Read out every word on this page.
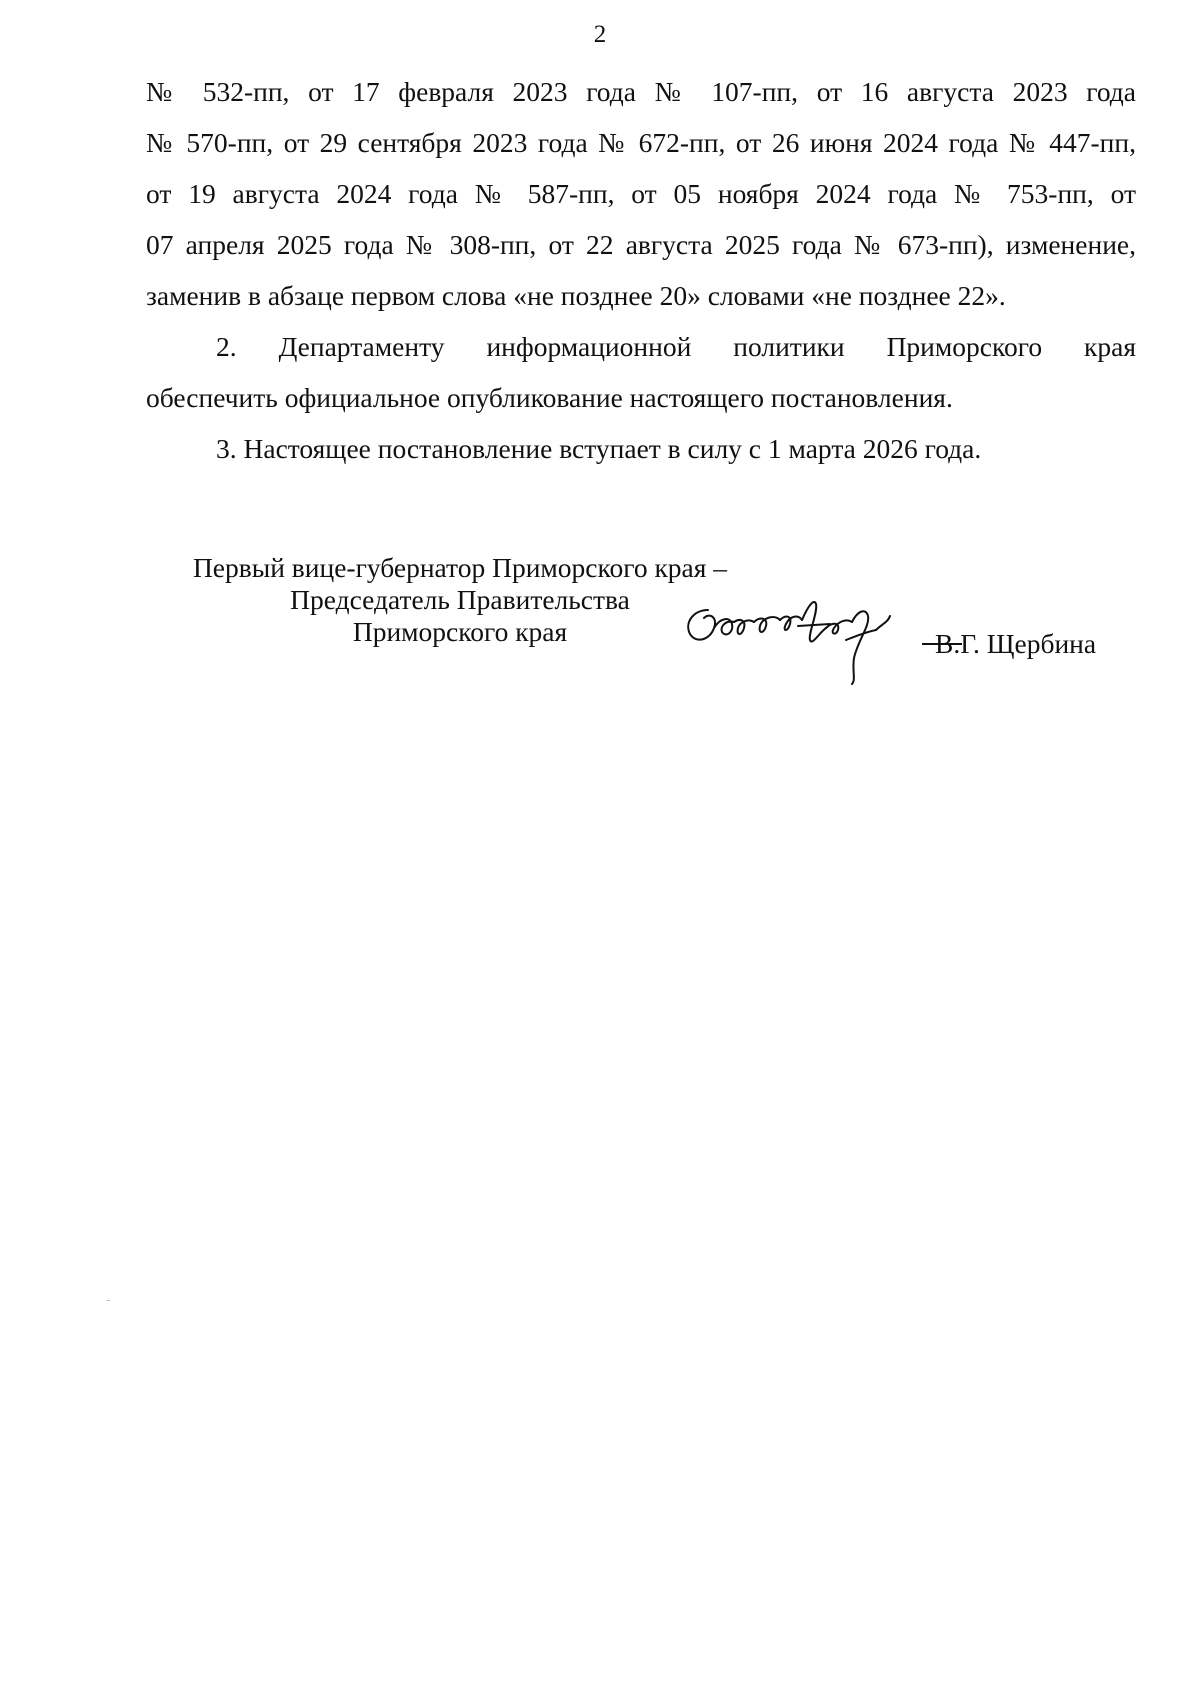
2

№ 532-пп, от 17 февраля 2023 года № 107-пп, от 16 августа 2023 года
№ 570-пп, от 29 сентября 2023 года № 672-пп, от 26 июня 2024 года № 447-пп,
от 19 августа 2024 года № 587-пп, от 05 ноября 2024 года № 753-пп, от
07 апреля 2025 года № 308-пп, от 22 августа 2025 года № 673-пп), изменение,
заменив в абзаце первом слова «не позднее 20» словами «не позднее 22».

2. Департаменту информационной политики Приморского края
обеспечить официальное опубликование настоящего постановления.

3. Настоящее постановление вступает в силу с 1 марта 2026 года.

Первый вице-губернатор Приморского края –
Председатель Правительства
Приморского края	В.Г. Щербина
